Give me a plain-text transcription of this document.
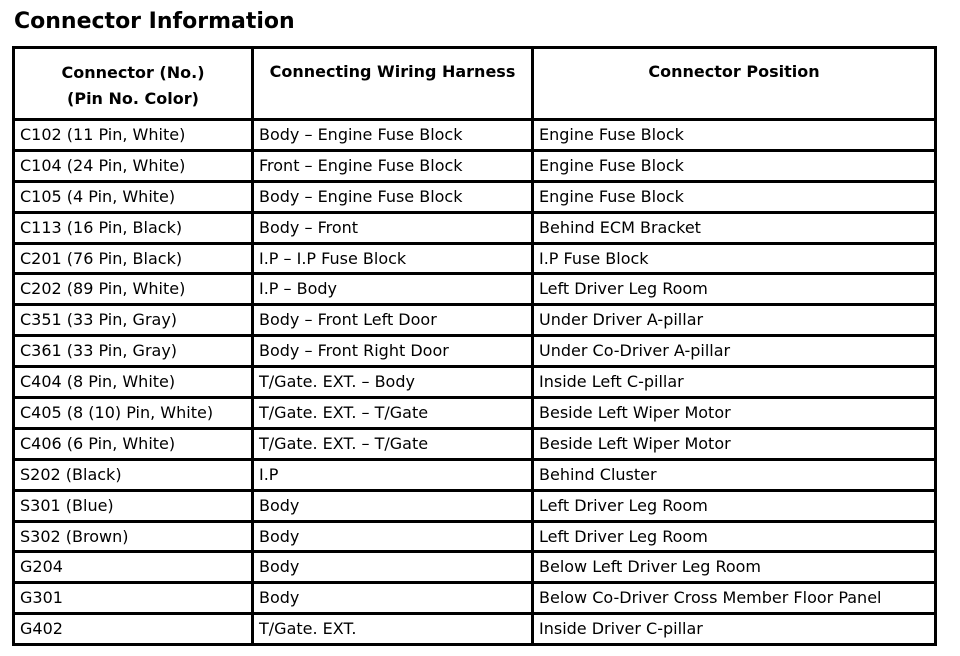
Connector Information
Connector (No.)
(Pin No. Color)	Connecting Wiring Harness	Connector Position
C102 (11 Pin, White)	Body – Engine Fuse Block	Engine Fuse Block
C104 (24 Pin, White)	Front – Engine Fuse Block	Engine Fuse Block
C105 (4 Pin, White)	Body – Engine Fuse Block	Engine Fuse Block
C113 (16 Pin, Black)	Body – Front	Behind ECM Bracket
C201 (76 Pin, Black)	I.P – I.P Fuse Block	I.P Fuse Block
C202 (89 Pin, White)	I.P – Body	Left Driver Leg Room
C351 (33 Pin, Gray)	Body – Front Left Door	Under Driver A-pillar
C361 (33 Pin, Gray)	Body – Front Right Door	Under Co-Driver A-pillar
C404 (8 Pin, White)	T/Gate. EXT. – Body	Inside Left C-pillar
C405 (8 (10) Pin, White)	T/Gate. EXT. – T/Gate	Beside Left Wiper Motor
C406 (6 Pin, White)	T/Gate. EXT. – T/Gate	Beside Left Wiper Motor
S202 (Black)	I.P	Behind Cluster
S301 (Blue)	Body	Left Driver Leg Room
S302 (Brown)	Body	Left Driver Leg Room
G204	Body	Below Left Driver Leg Room
G301	Body	Below Co-Driver Cross Member Floor Panel
G402	T/Gate. EXT.	Inside Driver C-pillar
